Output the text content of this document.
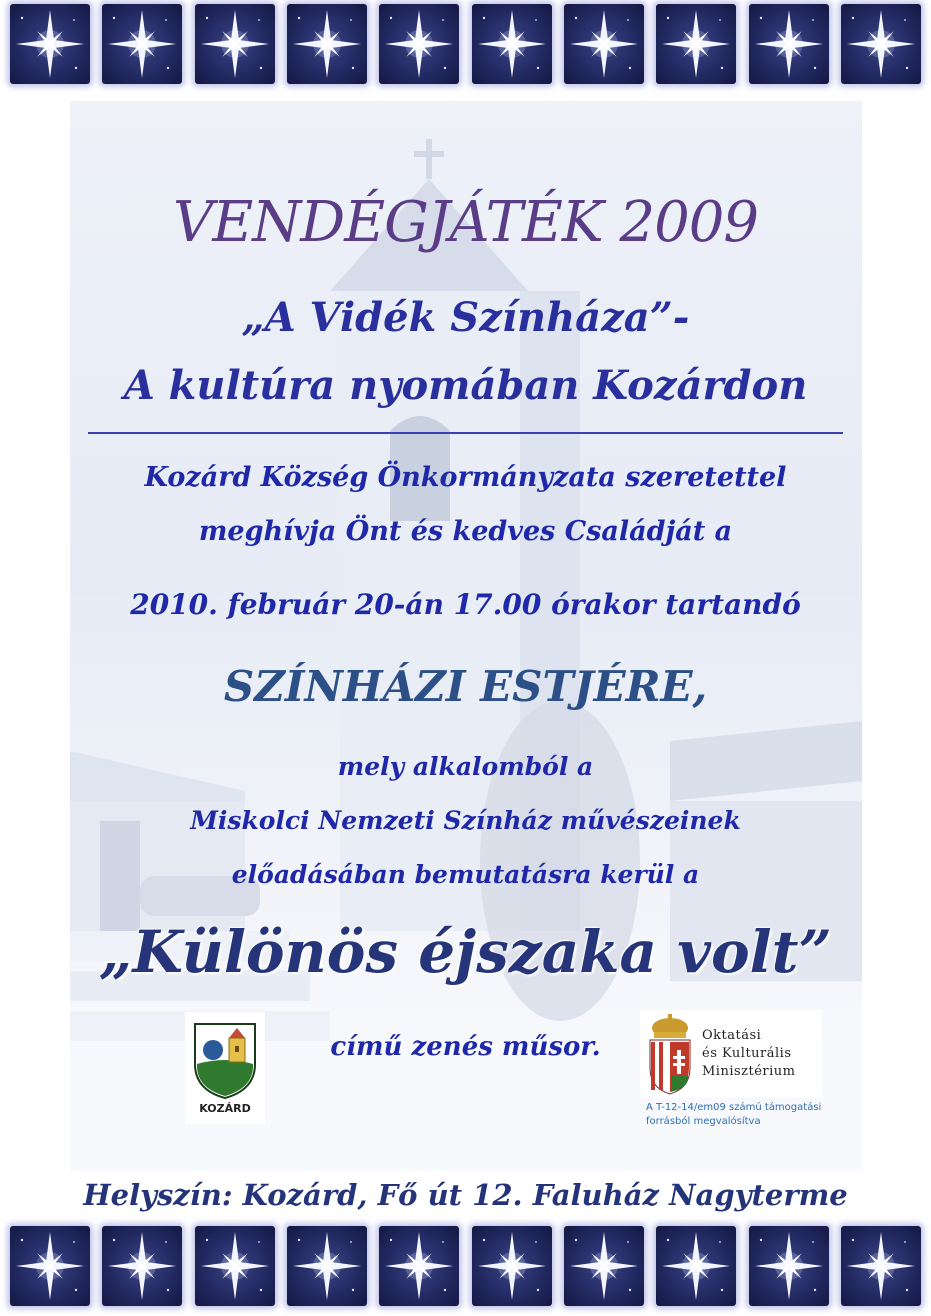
VENDÉGJÁTÉK 2009
„A Vidék Színháza”-
A kultúra nyomában Kozárdon
Kozárd Község Önkormányzata szeretettel
meghívja Önt és kedves Családját a
2010. február 20-án 17.00 órakor tartandó
SZÍNHÁZI ESTJÉRE,
mely alkalomból a
Miskolci Nemzeti Színház művészeinek
előadásában bemutatásra kerül a
„Különös éjszaka volt”
című zenés műsor.
KOZÁRD
Oktatási
és Kulturális
Minisztérium
A T-12-14/em09 számú támogatási
forrásból megvalósítva
Helyszín: Kozárd, Fő út 12. Faluház Nagyterme
